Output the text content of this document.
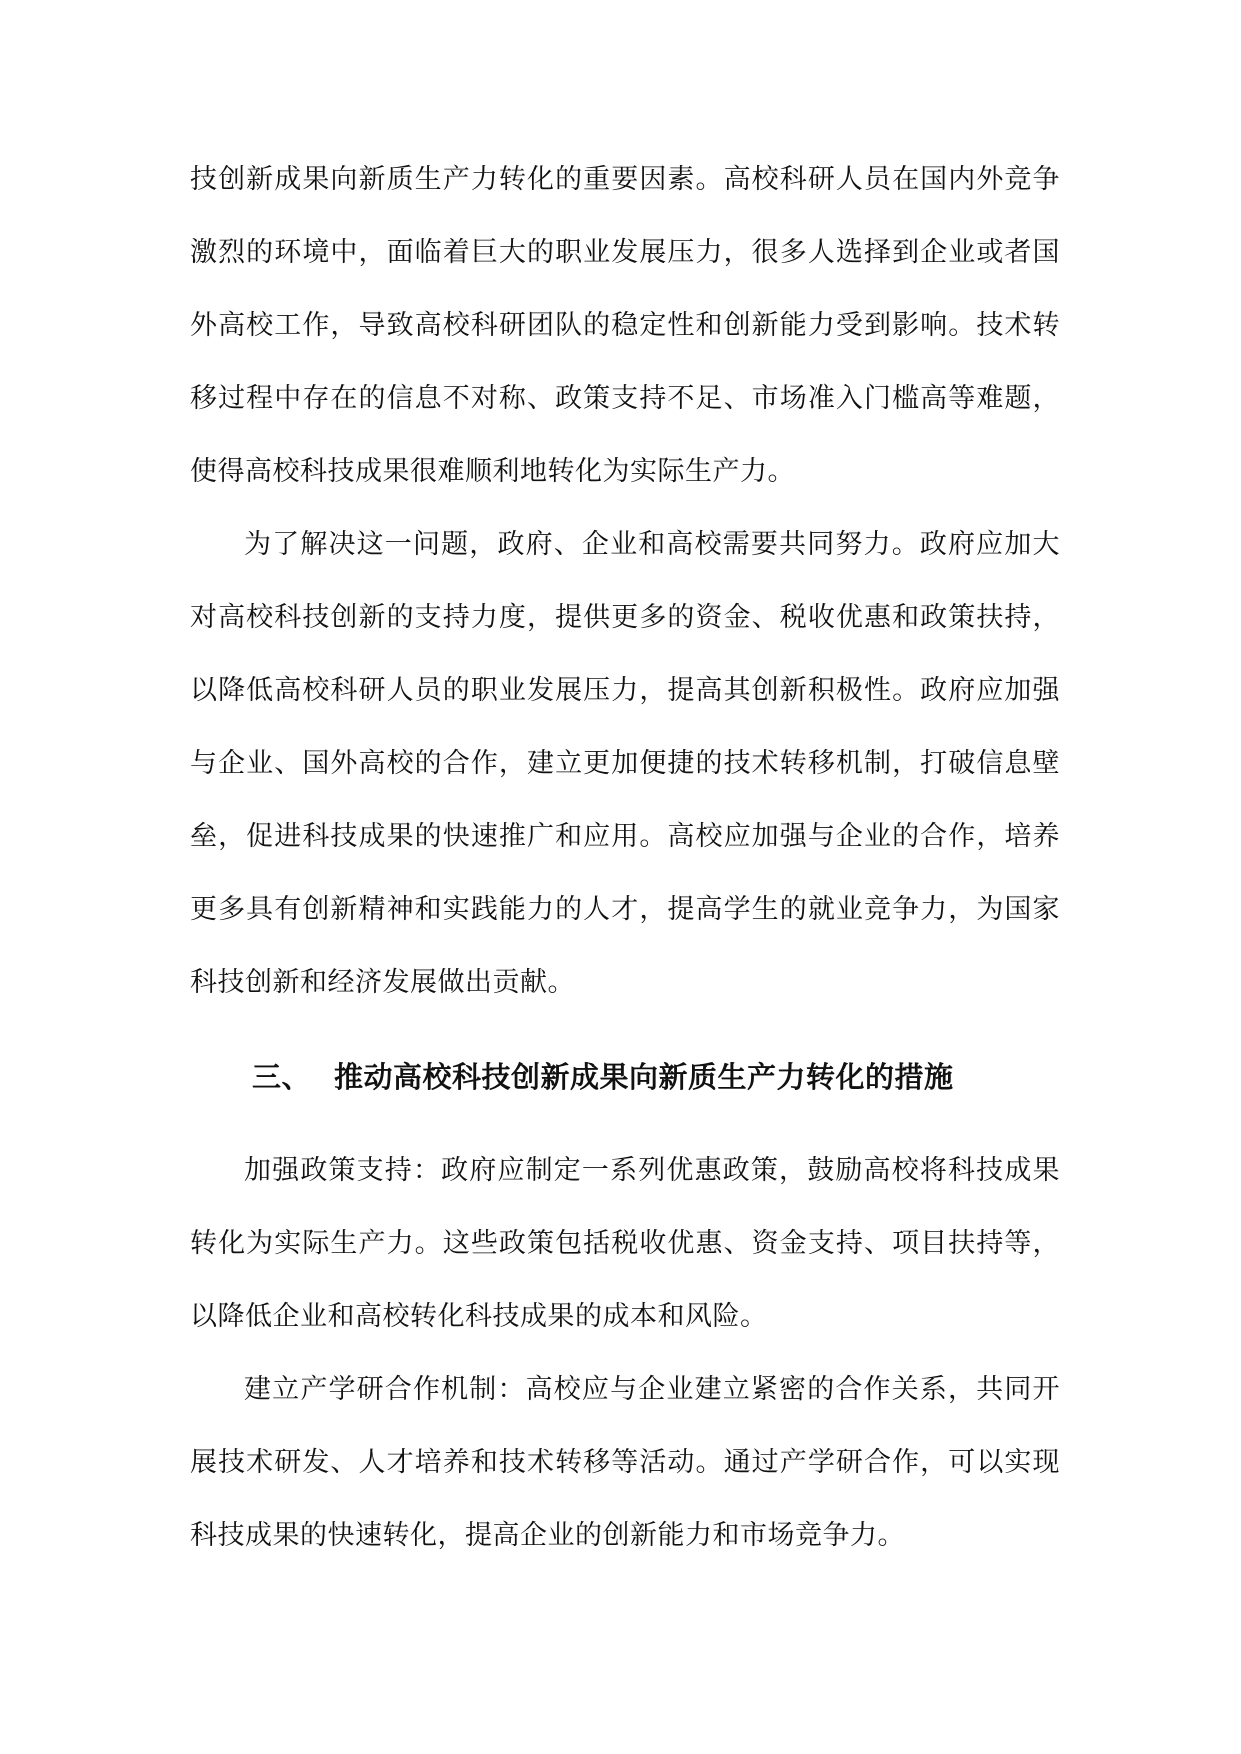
技创新成果向新质生产力转化的重要因素。高校科研人员在国内外竞争激烈的环境中，面临着巨大的职业发展压力，很多人选择到企业或者国外高校工作，导致高校科研团队的稳定性和创新能力受到影响。技术转移过程中存在的信息不对称、政策支持不足、市场准入门槛高等难题，使得高校科技成果很难顺利地转化为实际生产力。

为了解决这一问题，政府、企业和高校需要共同努力。政府应加大对高校科技创新的支持力度，提供更多的资金、税收优惠和政策扶持，以降低高校科研人员的职业发展压力，提高其创新积极性。政府应加强与企业、国外高校的合作，建立更加便捷的技术转移机制，打破信息壁垒，促进科技成果的快速推广和应用。高校应加强与企业的合作，培养更多具有创新精神和实践能力的人才，提高学生的就业竞争力，为国家科技创新和经济发展做出贡献。

三、 推动高校科技创新成果向新质生产力转化的措施

加强政策支持：政府应制定一系列优惠政策，鼓励高校将科技成果转化为实际生产力。这些政策包括税收优惠、资金支持、项目扶持等，以降低企业和高校转化科技成果的成本和风险。

建立产学研合作机制：高校应与企业建立紧密的合作关系，共同开展技术研发、人才培养和技术转移等活动。通过产学研合作，可以实现科技成果的快速转化，提高企业的创新能力和市场竞争力。
